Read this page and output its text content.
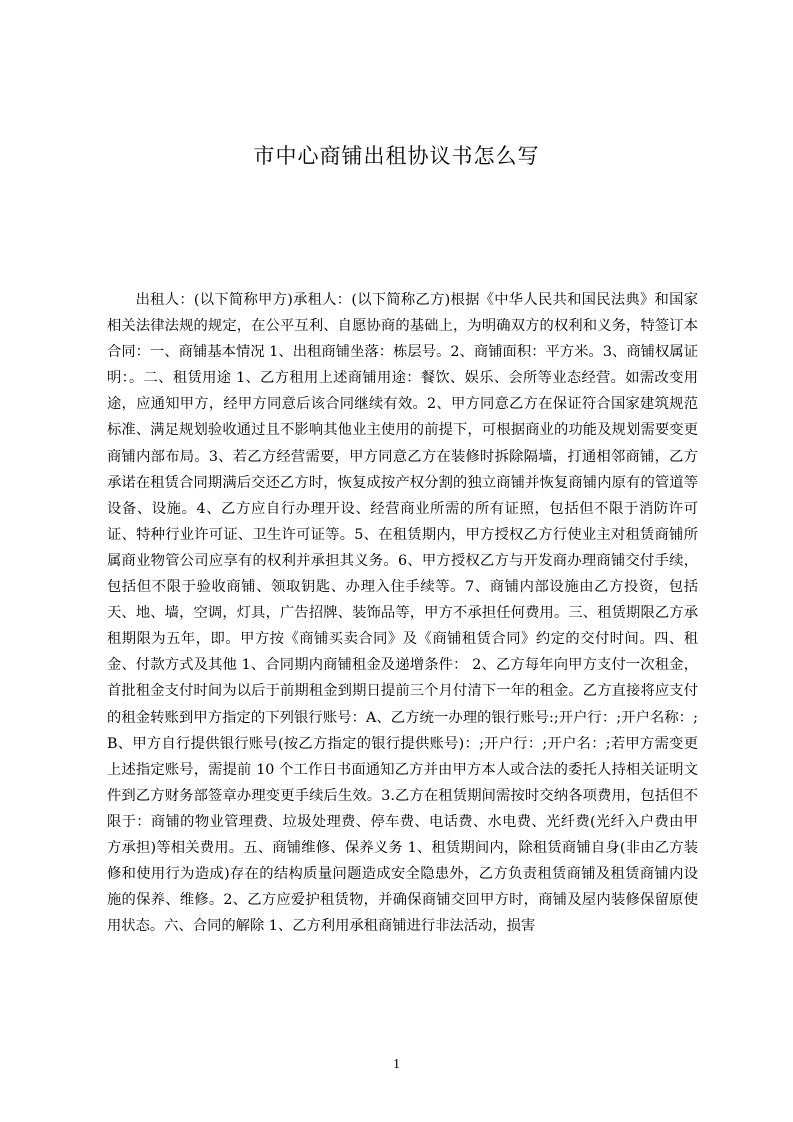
市中心商铺出租协议书怎么写

出租人：(以下简称甲方)承租人：(以下简称乙方)根据《中华人民共和国民法典》和国家相关法律法规的规定，在公平互利、自愿协商的基础上，为明确双方的权利和义务，特签订本合同：一、商铺基本情况 1、出租商铺坐落：栋层号。2、商铺面积：平方米。3、商铺权属证明：。二、租赁用途 1、乙方租用上述商铺用途：餐饮、娱乐、会所等业态经营。如需改变用途，应通知甲方，经甲方同意后该合同继续有效。2、甲方同意乙方在保证符合国家建筑规范标准、满足规划验收通过且不影响其他业主使用的前提下，可根据商业的功能及规划需要变更商铺内部布局。3、若乙方经营需要，甲方同意乙方在装修时拆除隔墙，打通相邻商铺，乙方承诺在租赁合同期满后交还乙方时，恢复成按产权分割的独立商铺并恢复商铺内原有的管道等设备、设施。4、乙方应自行办理开设、经营商业所需的所有证照，包括但不限于消防许可证、特种行业许可证、卫生许可证等。5、在租赁期内，甲方授权乙方行使业主对租赁商铺所属商业物管公司应享有的权利并承担其义务。6、甲方授权乙方与开发商办理商铺交付手续，包括但不限于验收商铺、领取钥匙、办理入住手续等。7、商铺内部设施由乙方投资，包括天、地、墙，空调，灯具，广告招牌、装饰品等，甲方不承担任何费用。三、租赁期限乙方承租期限为五年，即。甲方按《商铺买卖合同》及《商铺租赁合同》约定的交付时间。四、租金、付款方式及其他 1、合同期内商铺租金及递增条件： 2、乙方每年向甲方支付一次租金，首批租金支付时间为以后于前期租金到期日提前三个月付清下一年的租金。乙方直接将应支付的租金转账到甲方指定的下列银行账号：A、乙方统一办理的银行账号:;开户行：;开户名称：;B、甲方自行提供银行账号(按乙方指定的银行提供账号)：;开户行：;开户名：;若甲方需变更上述指定账号，需提前 10 个工作日书面通知乙方并由甲方本人或合法的委托人持相关证明文件到乙方财务部签章办理变更手续后生效。3.乙方在租赁期间需按时交纳各项费用，包括但不限于：商铺的物业管理费、垃圾处理费、停车费、电话费、水电费、光纤费(光纤入户费由甲方承担)等相关费用。五、商铺维修、保养义务 1、租赁期间内，除租赁商铺自身(非由乙方装修和使用行为造成)存在的结构质量问题造成安全隐患外，乙方负责租赁商铺及租赁商铺内设施的保养、维修。2、乙方应爱护租赁物，并确保商铺交回甲方时，商铺及屋内装修保留原使用状态。六、合同的解除 1、乙方利用承租商铺进行非法活动，损害

1
